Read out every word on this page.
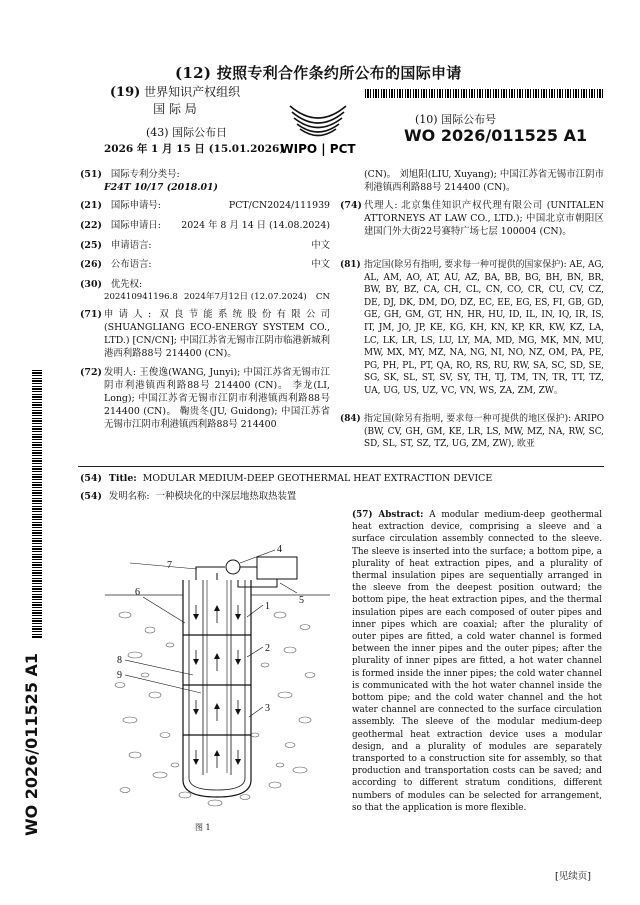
(12) 按照专利合作条约所公布的国际申请
(19) 世界知识产权组织
国 际 局
(43) 国际公布日
2026 年 1 月 15 日 (15.01.2026)
WIPO | PCT
(10) 国际公布号
WO 2026/011525 A1
WO 2026/011525 A1
(51) 国际专利分类号:
F24T 10/17 (2018.01)
(21) 国际申请号:	PCT/CN2024/111939
(22) 国际申请日: 2024 年 8 月 14 日 (14.08.2024)
(25) 申请语言:	中文
(26) 公布语言:	中文
(30) 优先权:

202410941196.8 2024年7月12日 (12.07.2024) CN
(71) 申请人: 双良节能系统股份有限公司 (SHUANGLIANG ECO-ENERGY SYSTEM CO., LTD.) [CN/CN]; 中国江苏省无锡市江阴市临港新城利港西利路88号 214400 (CN)。
(72) 发明人: 王俊逸(WANG, Junyi); 中国江苏省无锡市江阴市利港镇西利路88号 214400 (CN)。 李龙(LI, Long); 中国江苏省无锡市江阴市利港镇西利路88号 214400 (CN)。 鞠贵冬(JU, Guidong); 中国江苏省无锡市江阴市利港镇西利路88号 214400
(CN)。 刘旭阳(LIU, Xuyang); 中国江苏省无锡市江阴市利港镇西利路88号 214400 (CN)。
(74) 代理人: 北京集佳知识产权代理有限公司 (UNITALEN ATTORNEYS AT LAW CO., LTD.); 中国北京市朝阳区建国门外大街22号赛特广场七层 100004 (CN)。
(81) 指定国(除另有指明, 要求每一种可提供的国家保护): AE, AG, AL, AM, AO, AT, AU, AZ, BA, BB, BG, BH, BN, BR, BW, BY, BZ, CA, CH, CL, CN, CO, CR, CU, CV, CZ, DE, DJ, DK, DM, DO, DZ, EC, EE, EG, ES, FI, GB, GD, GE, GH, GM, GT, HN, HR, HU, ID, IL, IN, IQ, IR, IS, IT, JM, JO, JP, KE, KG, KH, KN, KP, KR, KW, KZ, LA, LC, LK, LR, LS, LU, LY, MA, MD, MG, MK, MN, MU, MW, MX, MY, MZ, NA, NG, NI, NO, NZ, OM, PA, PE, PG, PH, PL, PT, QA, RO, RS, RU, RW, SA, SC, SD, SE, SG, SK, SL, ST, SV, SY, TH, TJ, TM, TN, TR, TT, TZ, UA, UG, US, UZ, VC, VN, WS, ZA, ZM, ZW。
(84) 指定国(除另有指明, 要求每一种可提供的地区保护): ARIPO (BW, CV, GH, GM, KE, LR, LS, MW, MZ, NA, RW, SC, SD, SL, ST, SZ, TZ, UG, ZM, ZW), 欧亚
(54) Title: MODULAR MEDIUM-DEEP GEOTHERMAL HEAT EXTRACTION DEVICE
(54) 发明名称: 一种模块化的中深层地热取热装置
(57) Abstract: A modular medium-deep geothermal heat extraction device, comprising a sleeve and a surface circulation assembly connected to the sleeve. The sleeve is inserted into the surface; a bottom pipe, a plurality of heat extraction pipes, and a plurality of thermal insulation pipes are sequentially arranged in the sleeve from the deepest position outward; the bottom pipe, the heat extraction pipes, and the thermal insulation pipes are each composed of outer pipes and inner pipes which are coaxial; after the plurality of outer pipes are fitted, a cold water channel is formed between the inner pipes and the outer pipes; after the plurality of inner pipes are fitted, a hot water channel is formed inside the inner pipes; the cold water channel is communicated with the hot water channel inside the bottom pipe; and the cold water channel and the hot water channel are connected to the surface circulation assembly. The sleeve of the modular medium-deep geothermal heat extraction device uses a modular design, and a plurality of modules are separately transported to a construction site for assembly, so that production and transportation costs can be saved; and according to different stratum conditions, different numbers of modules can be selected for arrangement, so that the application is more flexible.
7
6
8
9
4
5
1
2
3
图 1
[见续页]
